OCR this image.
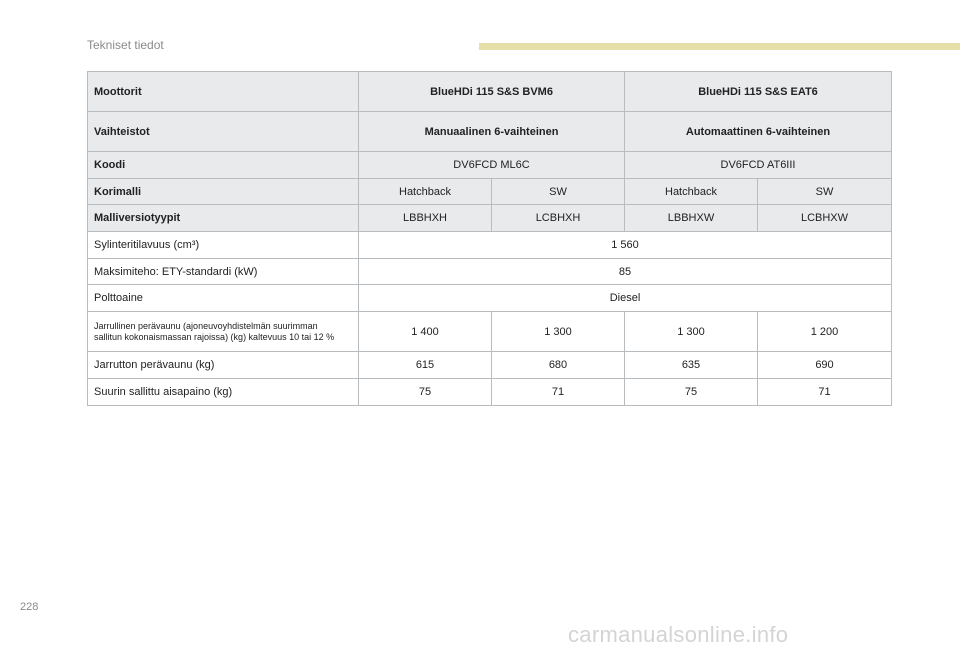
Tekniset tiedot
Moottorit	BlueHDi 115 S&S BVM6		BlueHDi 115 S&S EAT6	
Vaihteistot	Manuaalinen 6-vaihteinen		Automaattinen 6-vaihteinen	
Koodi	DV6FCD ML6C		DV6FCD AT6III	
Korimalli	Hatchback	SW	Hatchback	SW
Malliversiotyypit	LBBHXH	LCBHXH	LBBHXW	LCBHXW
Sylinteritilavuus (cm³)	1 560			
Maksimiteho: ETY-standardi (kW)	85			
Polttoaine	Diesel			

Jarrullinen perävaunu (ajoneuvoyhdistelmän suurimman
sallitun kokonaismassan rajoissa) (kg) kaltevuus 10 tai 12 %	1 400	1 300	1 300	1 200
Jarrutton perävaunu (kg)	615	680	635	690
Suurin sallittu aisapaino (kg)	75	71	75	71
228
carmanualsonline.info
